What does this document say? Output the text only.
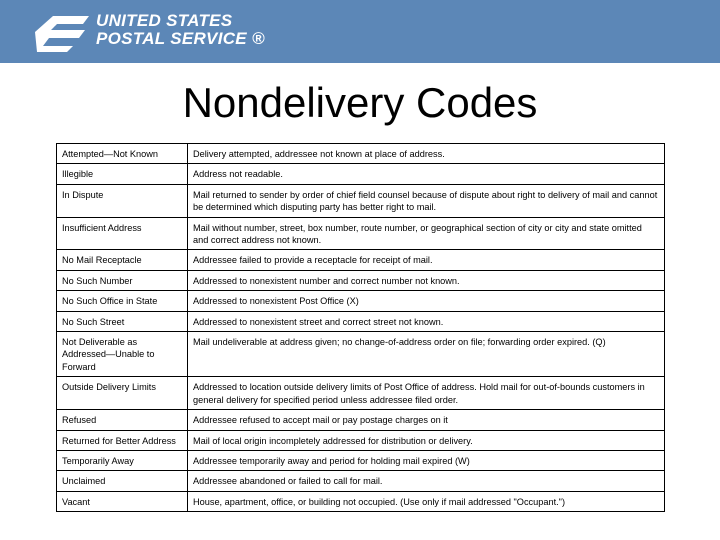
UNITED STATES
POSTAL SERVICE ®
Nondelivery Codes
Attempted—Not Known	Delivery attempted, addressee not known at place of address.
Illegible	Address not readable.
In Dispute	Mail returned to sender by order of chief field counsel because of dispute about right to delivery of mail and cannot be determined which disputing party has better right to mail.
Insufficient Address	Mail without number, street, box number, route number, or geographical section of city or city and state omitted and correct address not known.
No Mail Receptacle	Addressee failed to provide a receptacle for receipt of mail.
No Such Number	Addressed to nonexistent number and correct number not known.
No Such Office in State	Addressed to nonexistent Post Office (X)
No Such Street	Addressed to nonexistent street and correct street not known.
Not Deliverable as Addressed—Unable to Forward	Mail undeliverable at address given; no change-of-address order on file; forwarding order expired. (Q)
Outside Delivery Limits	Addressed to location outside delivery limits of Post Office of address. Hold mail for out-of-bounds customers in general delivery for specified period unless addressee filed order.
Refused	Addressee refused to accept mail or pay postage charges on it
Returned for Better Address	Mail of local origin incompletely addressed for distribution or delivery.
Temporarily Away	Addressee temporarily away and period for holding mail expired (W)
Unclaimed	Addressee abandoned or failed to call for mail.
Vacant	House, apartment, office, or building not occupied. (Use only if mail addressed "Occupant.")
